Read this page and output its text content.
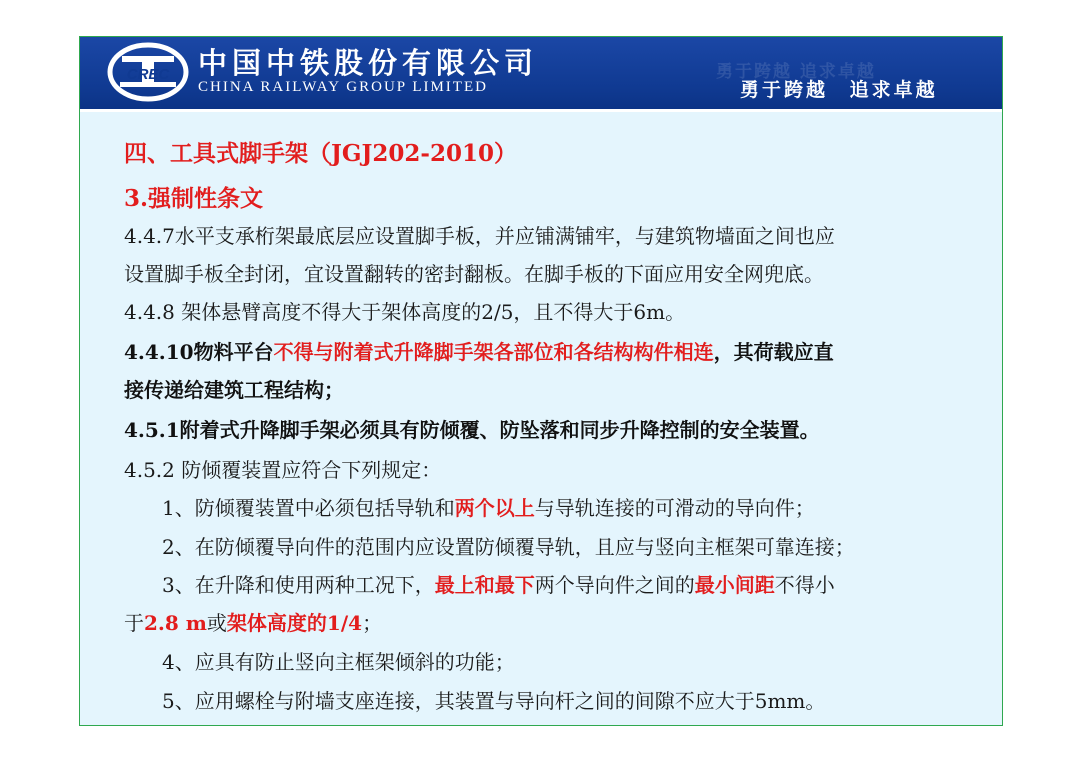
CREC 中国中铁股份有限公司
CHINA RAILWAY GROUP LIMITED
勇于跨越 追求卓越
勇于跨越 追求卓越
四、工具式脚手架（JGJ202-2010）
3.强制性条文
4.4.7水平支承桁架最底层应设置脚手板，并应铺满铺牢，与建筑物墙面之间也应
设置脚手板全封闭，宜设置翻转的密封翻板。在脚手板的下面应用安全网兜底。
4.4.8 架体悬臂高度不得大于架体高度的2/5，且不得大于6m。
4.4.10物料平台不得与附着式升降脚手架各部位和各结构构件相连，其荷载应直
接传递给建筑工程结构；
4.5.1附着式升降脚手架必须具有防倾覆、防坠落和同步升降控制的安全装置。
4.5.2 防倾覆装置应符合下列规定：
1、防倾覆装置中必须包括导轨和两个以上与导轨连接的可滑动的导向件；
2、在防倾覆导向件的范围内应设置防倾覆导轨，且应与竖向主框架可靠连接；
3、在升降和使用两种工况下，最上和最下两个导向件之间的最小间距不得小
于2.8 m或架体高度的1/4；
4、应具有防止竖向主框架倾斜的功能；
5、应用螺栓与附墙支座连接，其装置与导向杆之间的间隙不应大于5mm。
